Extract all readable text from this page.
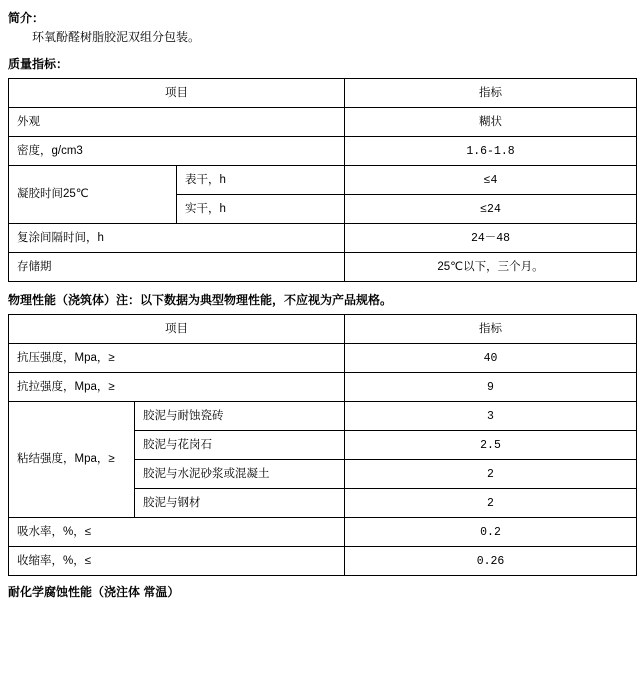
简介：

环氧酚醛树脂胶泥双组分包装。

质量指标：
项目		指标
外观		糊状
密度，g/cm3		1.6-1.8
凝胶时间25℃	表干，h	≤4
	实干，h	≤24
复涂间隔时间，h		24－48
存储期		25℃以下，三个月。
物理性能（浇筑体）注：以下数据为典型物理性能，不应视为产品规格。
项目		指标
抗压强度，Mpa，≥		40
抗拉强度，Mpa，≥		9
粘结强度，Mpa，≥	胶泥与耐蚀瓷砖	3
	胶泥与花岗石	2.5
	胶泥与水泥砂浆或混凝土	2
	胶泥与钢材	2
吸水率，%，≤		0.2
收缩率，%，≤		0.26
耐化学腐蚀性能（浇注体 常温）
